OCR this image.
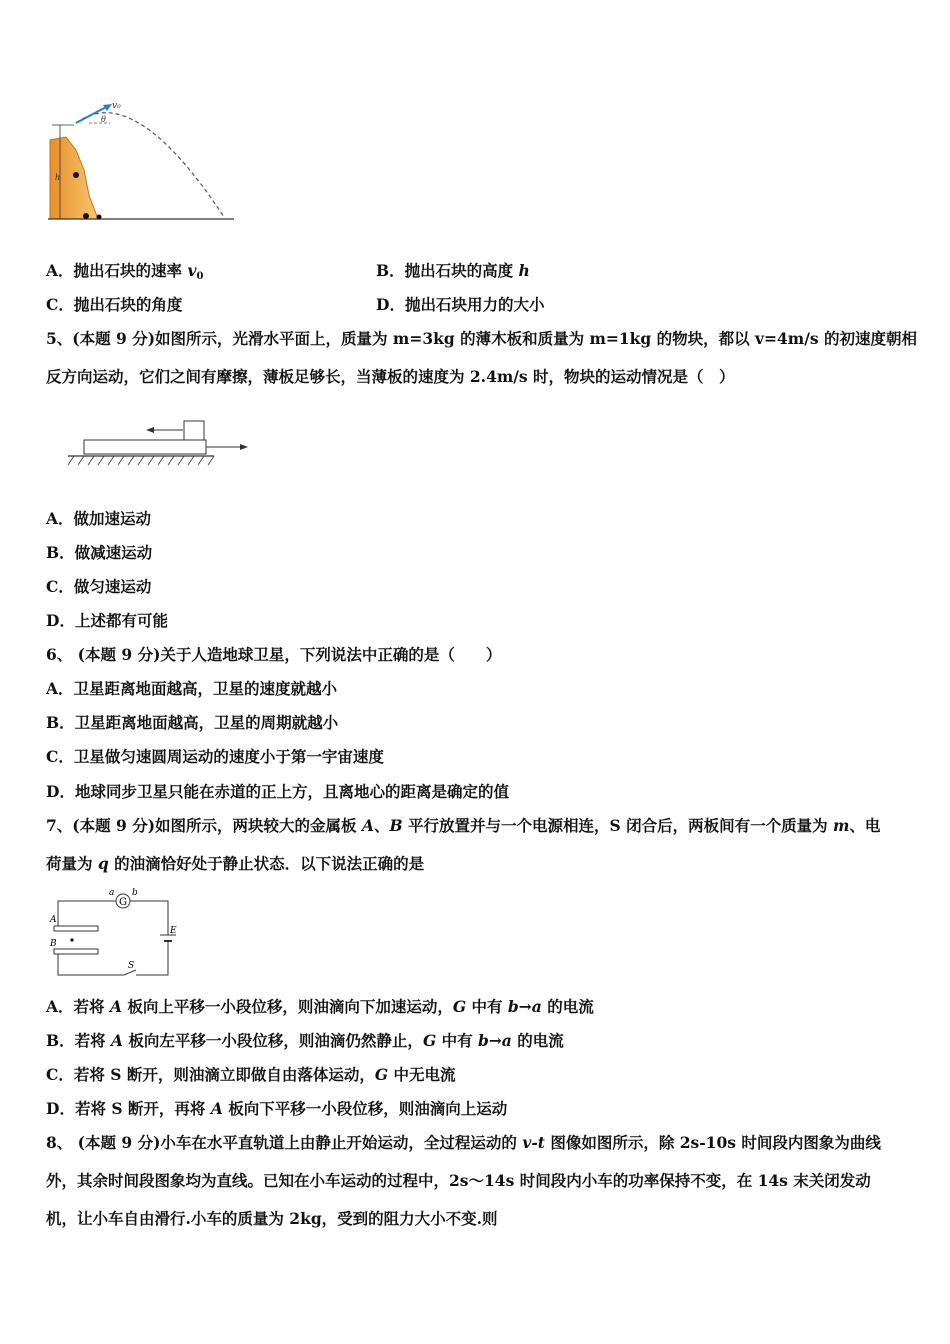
v₀
θ
h
A．抛出石块的速率 $v_0$	B．抛出石块的高度 h
C．抛出石块的角度	D．抛出石块用力的大小
5、(本题 9 分)如图所示，光滑水平面上，质量为 m=3kg 的薄木板和质量为 m=1kg 的物块，都以 v=4m/s 的初速度朝相
反方向运动，它们之间有摩擦，薄板足够长，当薄板的速度为 2.4m/s 时，物块的运动情况是（　）
A．做加速运动
B．做减速运动
C．做匀速运动
D．上述都有可能
6、 (本题 9 分)关于人造地球卫星，下列说法中正确的是（　　）
A．卫星距离地面越高，卫星的速度就越小
B．卫星距离地面越高，卫星的周期就越小
C．卫星做匀速圆周运动的速度小于第一宇宙速度
D．地球同步卫星只能在赤道的正上方，且离地心的距离是确定的值
7、(本题 9 分)如图所示，两块较大的金属板 A、B 平行放置并与一个电源相连，S 闭合后，两板间有一个质量为 m、电
荷量为 q 的油滴恰好处于静止状态．以下说法正确的是
G
a b
A
B
E
S
A．若将 A 板向上平移一小段位移，则油滴向下加速运动，G 中有 b→a 的电流
B．若将 A 板向左平移一小段位移，则油滴仍然静止，G 中有 b→a 的电流
C．若将 S 断开，则油滴立即做自由落体运动，G 中无电流
D．若将 S 断开，再将 A 板向下平移一小段位移，则油滴向上运动
8、 (本题 9 分)小车在水平直轨道上由静止开始运动，全过程运动的 v-t 图像如图所示，除 2s-10s 时间段内图象为曲线
外，其余时间段图象均为直线。已知在小车运动的过程中，2s～14s 时间段内小车的功率保持不变，在 14s 末关闭发动
机，让小车自由滑行.小车的质量为 2kg，受到的阻力大小不变.则
